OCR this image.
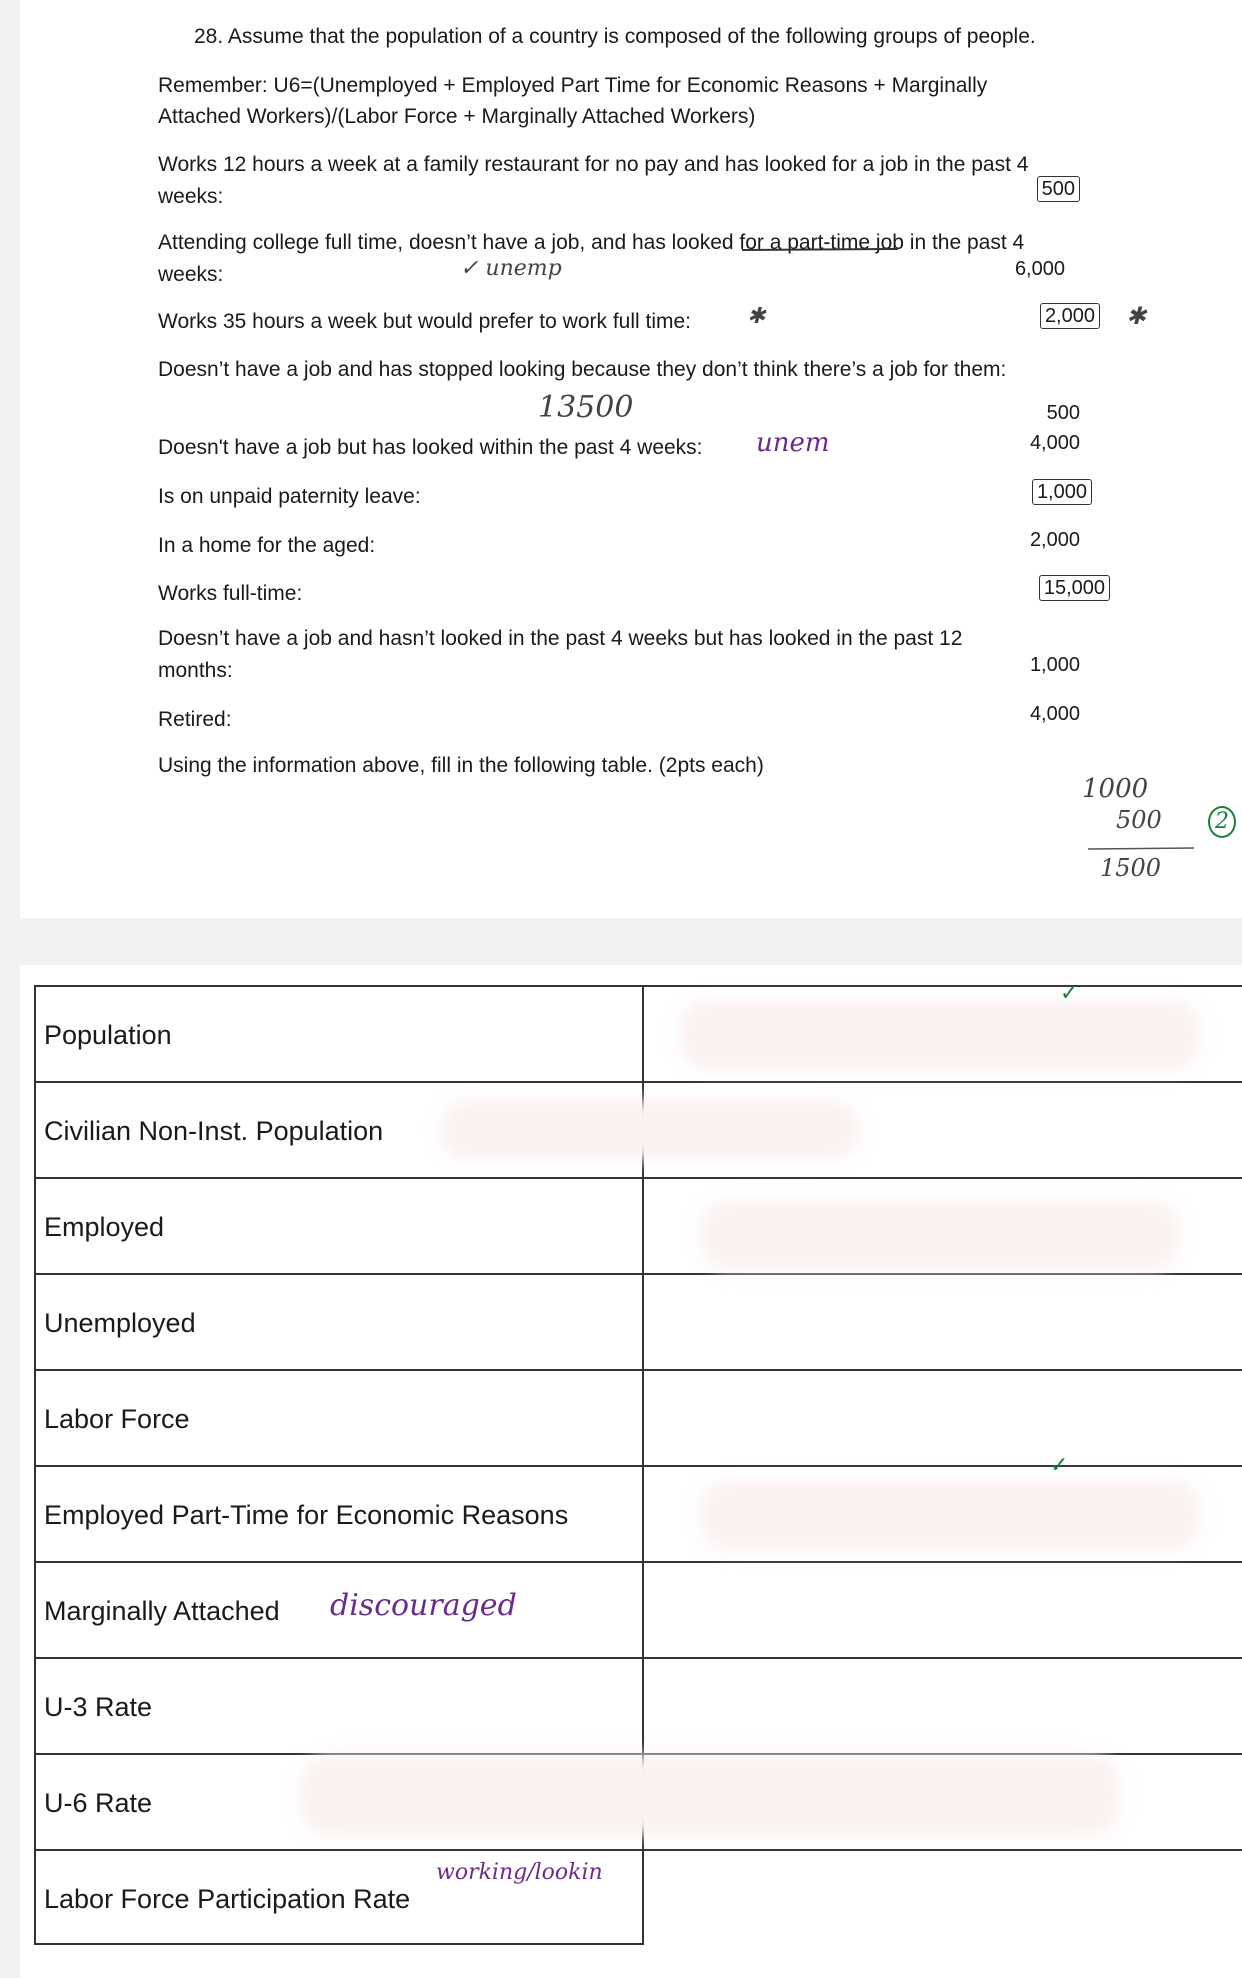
28. Assume that the population of a country is composed of the following groups of people.
Remember: U6=(Unemployed + Employed Part Time for Economic Reasons + Marginally
Attached Workers)/(Labor Force + Marginally Attached Workers)
Works 12 hours a week at a family restaurant for no pay and has looked for a job in the past 4
weeks:	500
Attending college full time, doesn’t have a job, and has looked for a part-time job in the past 4
weeks:	6,000
Works 35 hours a week but would prefer to work full time:	2,000
✱	✱
Doesn’t have a job and has stopped looking because they don’t think there’s a job for them:
500
Doesn't have a job but has looked within the past 4 weeks:	4,000
Is on unpaid paternity leave:	1,000
In a home for the aged:	2,000
Works full-time:	15,000
Doesn’t have a job and hasn’t looked in the past 4 weeks but has looked in the past 12
months:	1,000
Retired:	4,000
Using the information above, fill in the following table. (2pts each)
✓ unemp
13500
unem
1000
500	2
1500
Population
Civilian Non-Inst. Population
Employed
Unemployed
Labor Force
Employed Part-Time for Economic Reasons
Marginally Attached
U-3 Rate
U-6 Rate
Labor Force Participation Rate
discouraged
working/lookin
✓
✓
